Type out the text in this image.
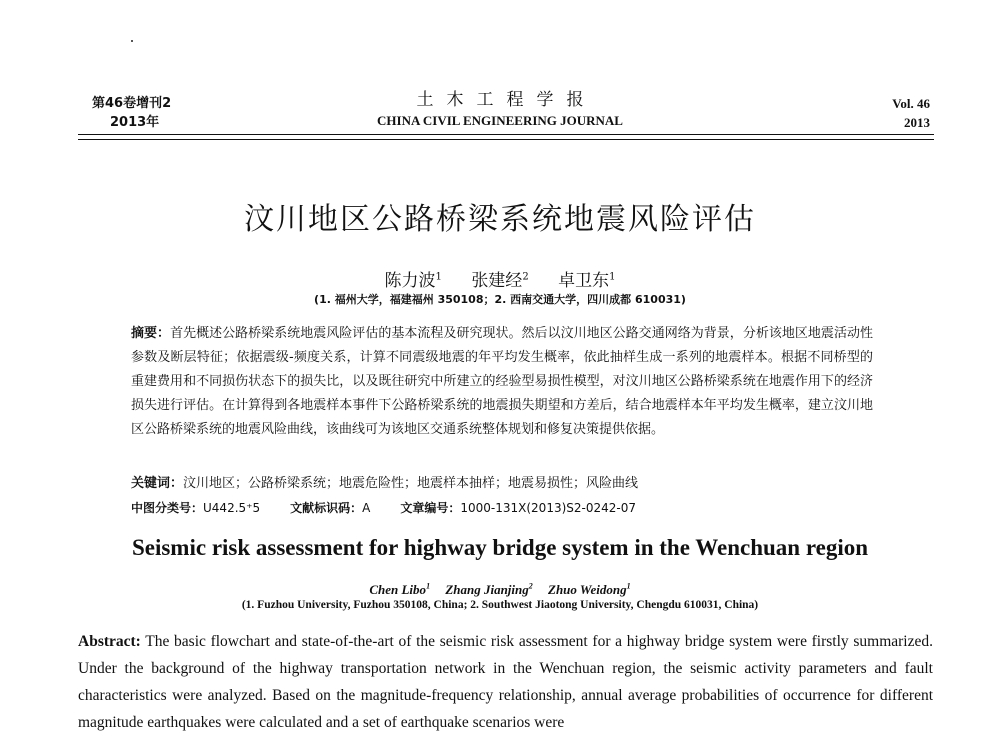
第46卷增刊2
2013年
土木工程学报
CHINA CIVIL ENGINEERING JOURNAL
Vol. 46
2013
汶川地区公路桥梁系统地震风险评估
陈力波$^1$ 张建经$^2$ 卓卫东$^1$
(1. 福州大学，福建福州 350108；2. 西南交通大学，四川成都 610031)
摘要：首先概述公路桥梁系统地震风险评估的基本流程及研究现状。然后以汶川地区公路交通网络为背景，分析该地区地震活动性参数及断层特征；依据震级-频度关系，计算不同震级地震的年平均发生概率，依此抽样生成一系列的地震样本。根据不同桥型的重建费用和不同损伤状态下的损失比，以及既往研究中所建立的经验型易损性模型，对汶川地区公路桥梁系统在地震作用下的经济损失进行评估。在计算得到各地震样本事件下公路桥梁系统的地震损失期望和方差后，结合地震样本年平均发生概率，建立汶川地区公路桥梁系统的地震风险曲线，该曲线可为该地区交通系统整体规划和修复决策提供依据。
关键词：汶川地区；公路桥梁系统；地震危险性；地震样本抽样；地震易损性；风险曲线
中图分类号：U442.5⁺5	文献标识码：A	文章编号：1000-131X(2013)S2-0242-07
Seismic risk assessment for highway bridge system in the Wenchuan region
Chen Libo$^1$ Zhang Jianjing$^2$ Zhuo Weidong$^1$
(1. Fuzhou University, Fuzhou 350108, China; 2. Southwest Jiaotong University, Chengdu 610031, China)
Abstract: The basic flowchart and state-of-the-art of the seismic risk assessment for a highway bridge system were firstly summarized. Under the background of the highway transportation network in the Wenchuan region, the seismic activity parameters and fault characteristics were analyzed. Based on the magnitude-frequency relationship, annual average probabilities of occurrence for different magnitude earthquakes were calculated and a set of earthquake scenarios were
